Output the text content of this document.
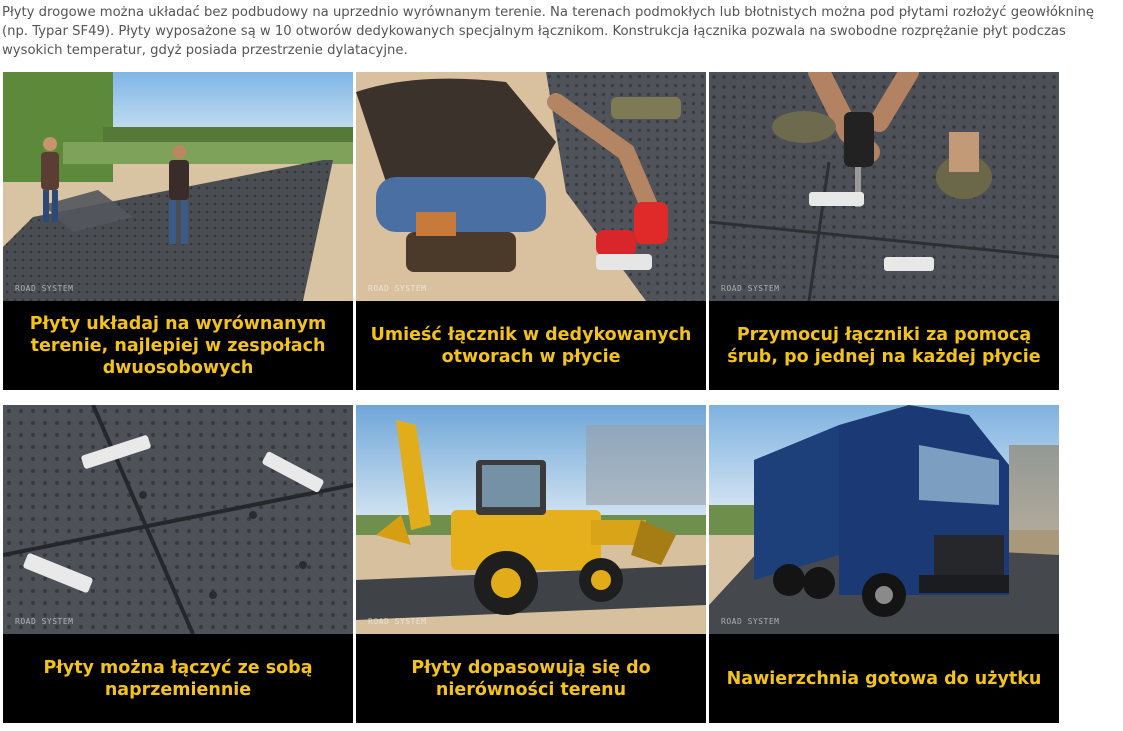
Płyty drogowe można układać bez podbudowy na uprzednio wyrównanym terenie. Na terenach podmokłych lub błotnistych można pod płytami rozłożyć geowłókninę (np. Typar SF49). Płyty wyposażone są w 10 otworów dedykowanych specjalnym łącznikom. Konstrukcja łącznika pozwala na swobodne rozprężanie płyt podczas wysokich temperatur, gdyż posiada przestrzenie dylatacyjne.

ROAD SYSTEM
Płyty układaj na wyrównanym terenie, najlepiej w zespołach dwuosobowych
ROAD SYSTEM
Umieść łącznik w dedykowanych otworach w płycie
ROAD SYSTEM
Przymocuj łączniki za pomocą śrub, po jednej na każdej płycie
ROAD SYSTEM
Płyty można łączyć ze sobą naprzemiennie
ROAD SYSTEM
Płyty dopasowują się do nierówności terenu
ROAD SYSTEM
Nawierzchnia gotowa do użytku
